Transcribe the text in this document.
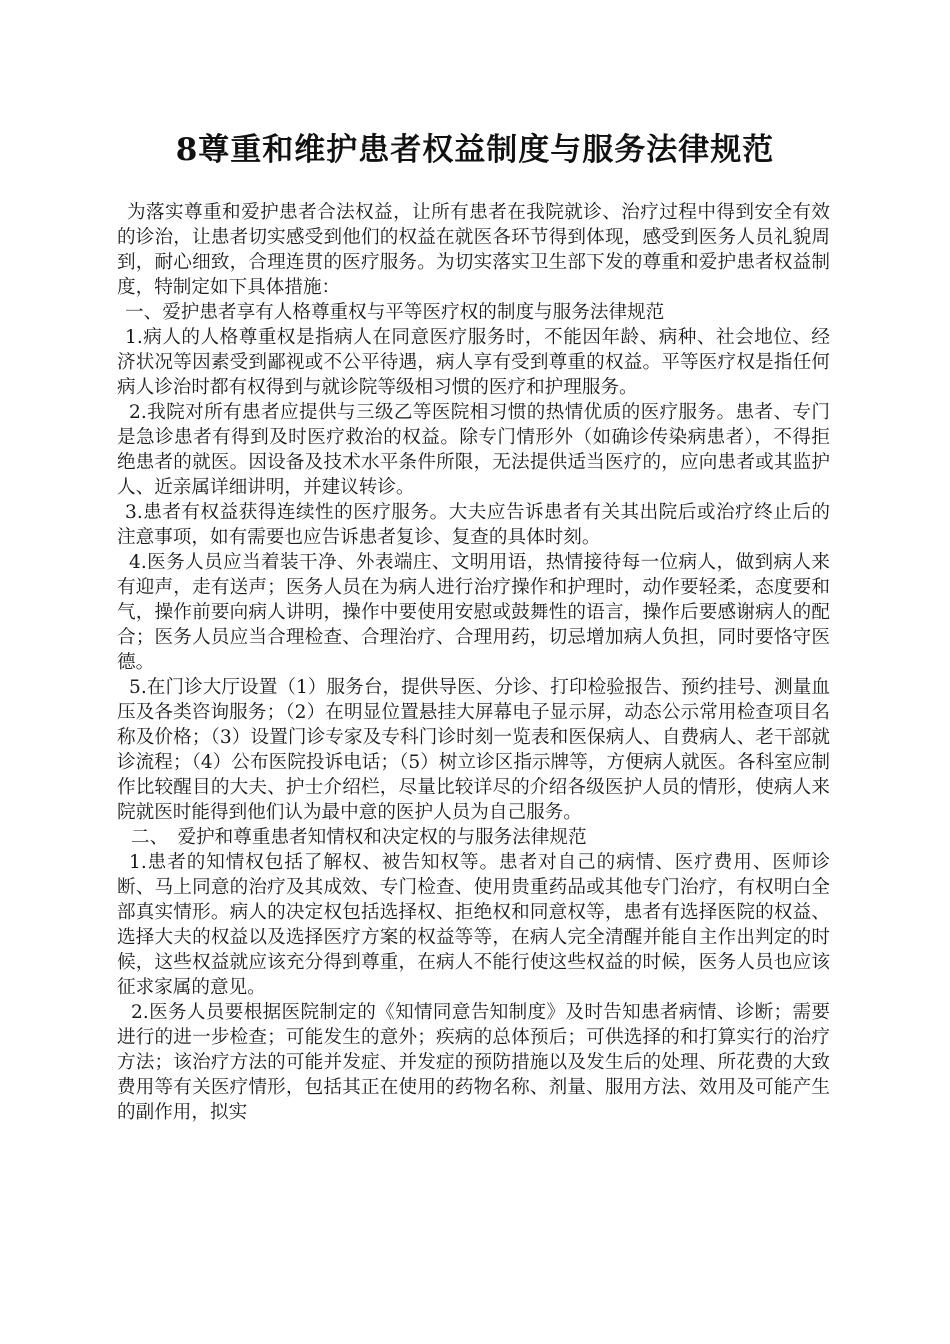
8尊重和维护患者权益制度与服务法律规范

为落实尊重和爱护患者合法权益，让所有患者在我院就诊、治疗过程中得到安全有效的诊治，让患者切实感受到他们的权益在就医各环节得到体现，感受到医务人员礼貌周到，耐心细致，合理连贯的医疗服务。为切实落实卫生部下发的尊重和爱护患者权益制度，特制定如下具体措施：

一、爱护患者享有人格尊重权与平等医疗权的制度与服务法律规范

1.病人的人格尊重权是指病人在同意医疗服务时，不能因年龄、病种、社会地位、经济状况等因素受到鄙视或不公平待遇，病人享有受到尊重的权益。平等医疗权是指任何病人诊治时都有权得到与就诊院等级相习惯的医疗和护理服务。

2.我院对所有患者应提供与三级乙等医院相习惯的热情优质的医疗服务。患者、专门是急诊患者有得到及时医疗救治的权益。除专门情形外（如确诊传染病患者），不得拒绝患者的就医。因设备及技术水平条件所限，无法提供适当医疗的，应向患者或其监护人、近亲属详细讲明，并建议转诊。

3.患者有权益获得连续性的医疗服务。大夫应告诉患者有关其出院后或治疗终止后的注意事项，如有需要也应告诉患者复诊、复查的具体时刻。

4.医务人员应当着装干净、外表端庄、文明用语，热情接待每一位病人，做到病人来有迎声，走有送声；医务人员在为病人进行治疗操作和护理时，动作要轻柔，态度要和气，操作前要向病人讲明，操作中要使用安慰或鼓舞性的语言，操作后要感谢病人的配合；医务人员应当合理检查、合理治疗、合理用药，切忌增加病人负担，同时要恪守医德。

5.在门诊大厅设置（1）服务台，提供导医、分诊、打印检验报告、预约挂号、测量血压及各类咨询服务；（2）在明显位置悬挂大屏幕电子显示屏，动态公示常用检查项目名称及价格；（3）设置门诊专家及专科门诊时刻一览表和医保病人、自费病人、老干部就诊流程；（4）公布医院投诉电话；（5）树立诊区指示牌等，方便病人就医。各科室应制作比较醒目的大夫、护士介绍栏，尽量比较详尽的介绍各级医护人员的情形，使病人来院就医时能得到他们认为最中意的医护人员为自己服务。

二、　爱护和尊重患者知情权和决定权的与服务法律规范

1.患者的知情权包括了解权、被告知权等。患者对自己的病情、医疗费用、医师诊断、马上同意的治疗及其成效、专门检查、使用贵重药品或其他专门治疗，有权明白全部真实情形。病人的决定权包括选择权、拒绝权和同意权等，患者有选择医院的权益、选择大夫的权益以及选择医疗方案的权益等等，在病人完全清醒并能自主作出判定的时候，这些权益就应该充分得到尊重，在病人不能行使这些权益的时候，医务人员也应该征求家属的意见。

2.医务人员要根据医院制定的《知情同意告知制度》及时告知患者病情、诊断；需要进行的进一步检查；可能发生的意外；疾病的总体预后；可供选择的和打算实行的治疗方法；该治疗方法的可能并发症、并发症的预防措施以及发生后的处理、所花费的大致费用等有关医疗情形，包括其正在使用的药物名称、剂量、服用方法、效用及可能产生的副作用，拟实
